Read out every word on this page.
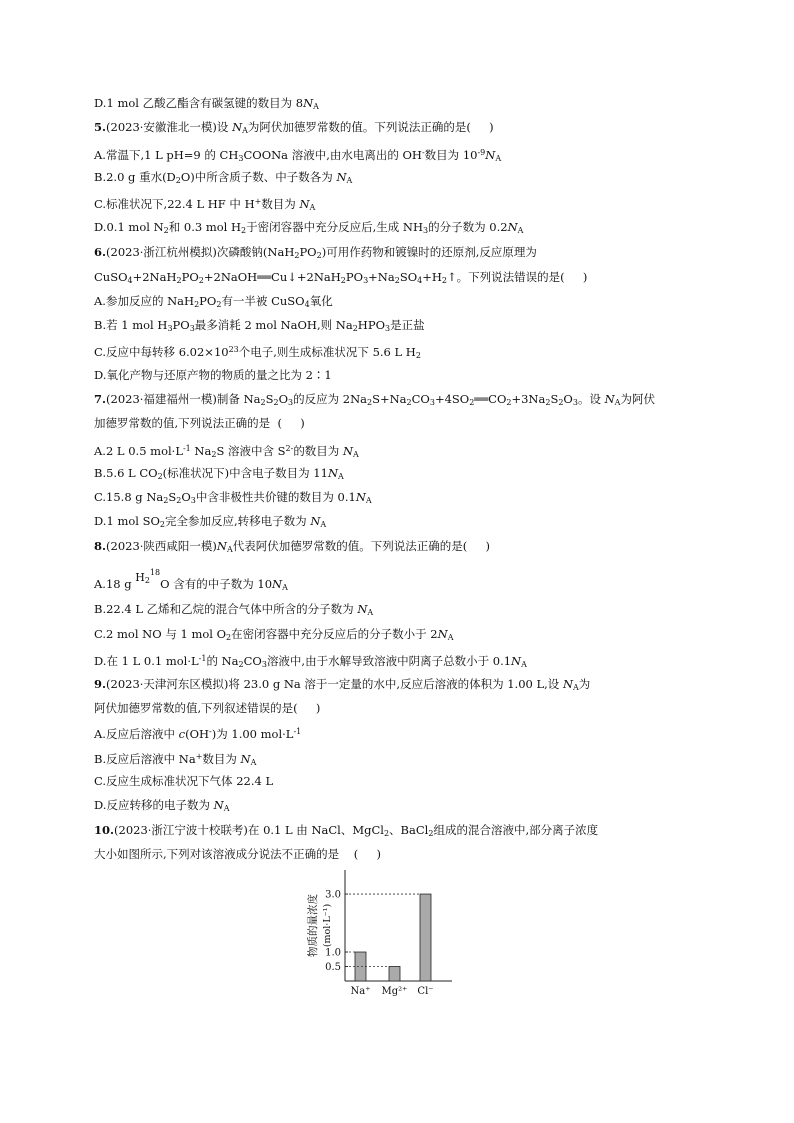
D.1 mol 乙酸乙酯含有碳氢键的数目为 $8N_A$
5.(2023·安徽淮北一模)设 $N_A$为阿伏加德罗常数的值。下列说法正确的是(     )
A.常温下,1 L pH=9 的 $CH_3COONa$ 溶液中,由水电离出的 OH-数目为 $10^{-9}N_A$
B.2.0 g 重水$(D_2O)$中所含质子数、中子数各为 $N_A$
C.标准状况下,22.4 L HF 中 H+数目为 $N_A$
D.0.1 mol $N_2$和 0.3 mol $H_2$于密闭容器中充分反应后,生成 $NH_3$的分子数为 $0.2N_A$
6.(2023·浙江杭州模拟)次磷酸钠$(NaH_2PO_2)$可用作药物和镀镍时的还原剂,反应原理为
$CuSO_4+2NaH_2PO_2+2NaOH══Cu↓+2NaH_2PO_3+Na_2SO_4+H_2↑$。下列说法错误的是(     )
A.参加反应的 $NaH_2PO_2$有一半被 CuSO$_4$氧化
B.若 1 mol $H_3PO_3$最多消耗 2 mol NaOH,则 $Na_2HPO_3$是正盐
C.反应中每转移 $6.02\times 10^{23}$个电子,则生成标准状况下 5.6 L $H_2$
D.氧化产物与还原产物的物质的量之比为 2∶1
7.(2023·福建福州一模)制备 $Na_2S_2O_3$的反应为 $2Na_2S+Na_2CO_3+4SO_2══CO_2+3Na_2S_2O_3$。设 $N_A$为阿伏
加德罗常数的值,下列说法正确的是  (     )
A.2 L 0.5 $mol\cdot L^{-1}$ $Na_2S$ 溶液中含 $S^{2-}$的数目为 $N_A$
B.5.6 L $CO_2$(标准状况下)中含电子数目为 $11N_A$
C.15.8 g $Na_2S_2O_3$中含非极性共价键的数目为 $0.1N_A$
D.1 mol $SO_2$完全参加反应,转移电子数为 $N_A$
8.(2023·陕西咸阳一模)$N_A$代表阿伏加德罗常数的值。下列说法正确的是(     )
A.18 g $H_2^{18}O$ 含有的中子数为 $10N_A$
B.22.4 L 乙烯和乙烷的混合气体中所含的分子数为 $N_A$
C.2 mol NO 与 1 mol $O_2$在密闭容器中充分反应后的分子数小于 $2N_A$
D.在 1 L 0.1 $mol\cdot L^{-1}$的 $Na_2CO_3$溶液中,由于水解导致溶液中阴离子总数小于 $0.1N_A$
9.(2023·天津河东区模拟)将 23.0 g Na 溶于一定量的水中,反应后溶液的体积为 1.00 L,设 $N_A$为
阿伏加德罗常数的值,下列叙述错误的是(     )
A.反应后溶液中 c(OH-)为 1.00 $mol\cdot L^{-1}$
B.反应后溶液中 Na+数目为 $N_A$
C.反应生成标准状况下气体 22.4 L
D.反应转移的电子数为 $N_A$
10.(2023·浙江宁波十校联考)在 0.1 L 由 NaCl、MgCl$_2$、BaCl$_2$组成的混合溶液中,部分离子浓度
大小如图所示,下列对该溶液成分说法不正确的是    (     )
0.5
1.0
3.0
Na⁺ Mg²⁺ Cl⁻
物质的量浓度 (mol·L⁻¹)
